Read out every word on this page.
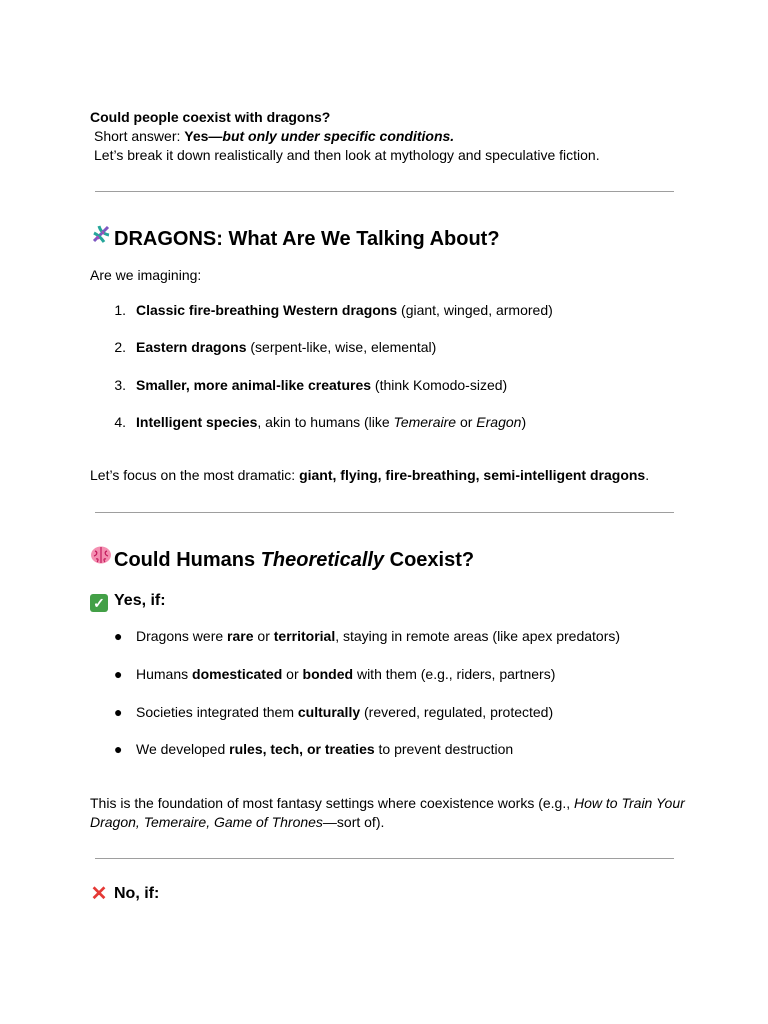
Could people coexist with dragons?
Short answer: Yes—but only under specific conditions.
Let’s break it down realistically and then look at mythology and speculative fiction.
DRAGONS: What Are We Talking About?
Are we imagining:
1. Classic fire-breathing Western dragons (giant, winged, armored)
2. Eastern dragons (serpent-like, wise, elemental)
3. Smaller, more animal-like creatures (think Komodo-sized)
4. Intelligent species, akin to humans (like Temeraire or Eragon)
Let’s focus on the most dramatic: giant, flying, fire-breathing, semi-intelligent dragons.
Could Humans Theoretically Coexist?
✓ Yes, if:
● Dragons were rare or territorial, staying in remote areas (like apex predators)
● Humans domesticated or bonded with them (e.g., riders, partners)
● Societies integrated them culturally (revered, regulated, protected)
● We developed rules, tech, or treaties to prevent destruction
This is the foundation of most fantasy settings where coexistence works (e.g., How to Train Your
Dragon, Temeraire, Game of Thrones—sort of).
✕ No, if:
